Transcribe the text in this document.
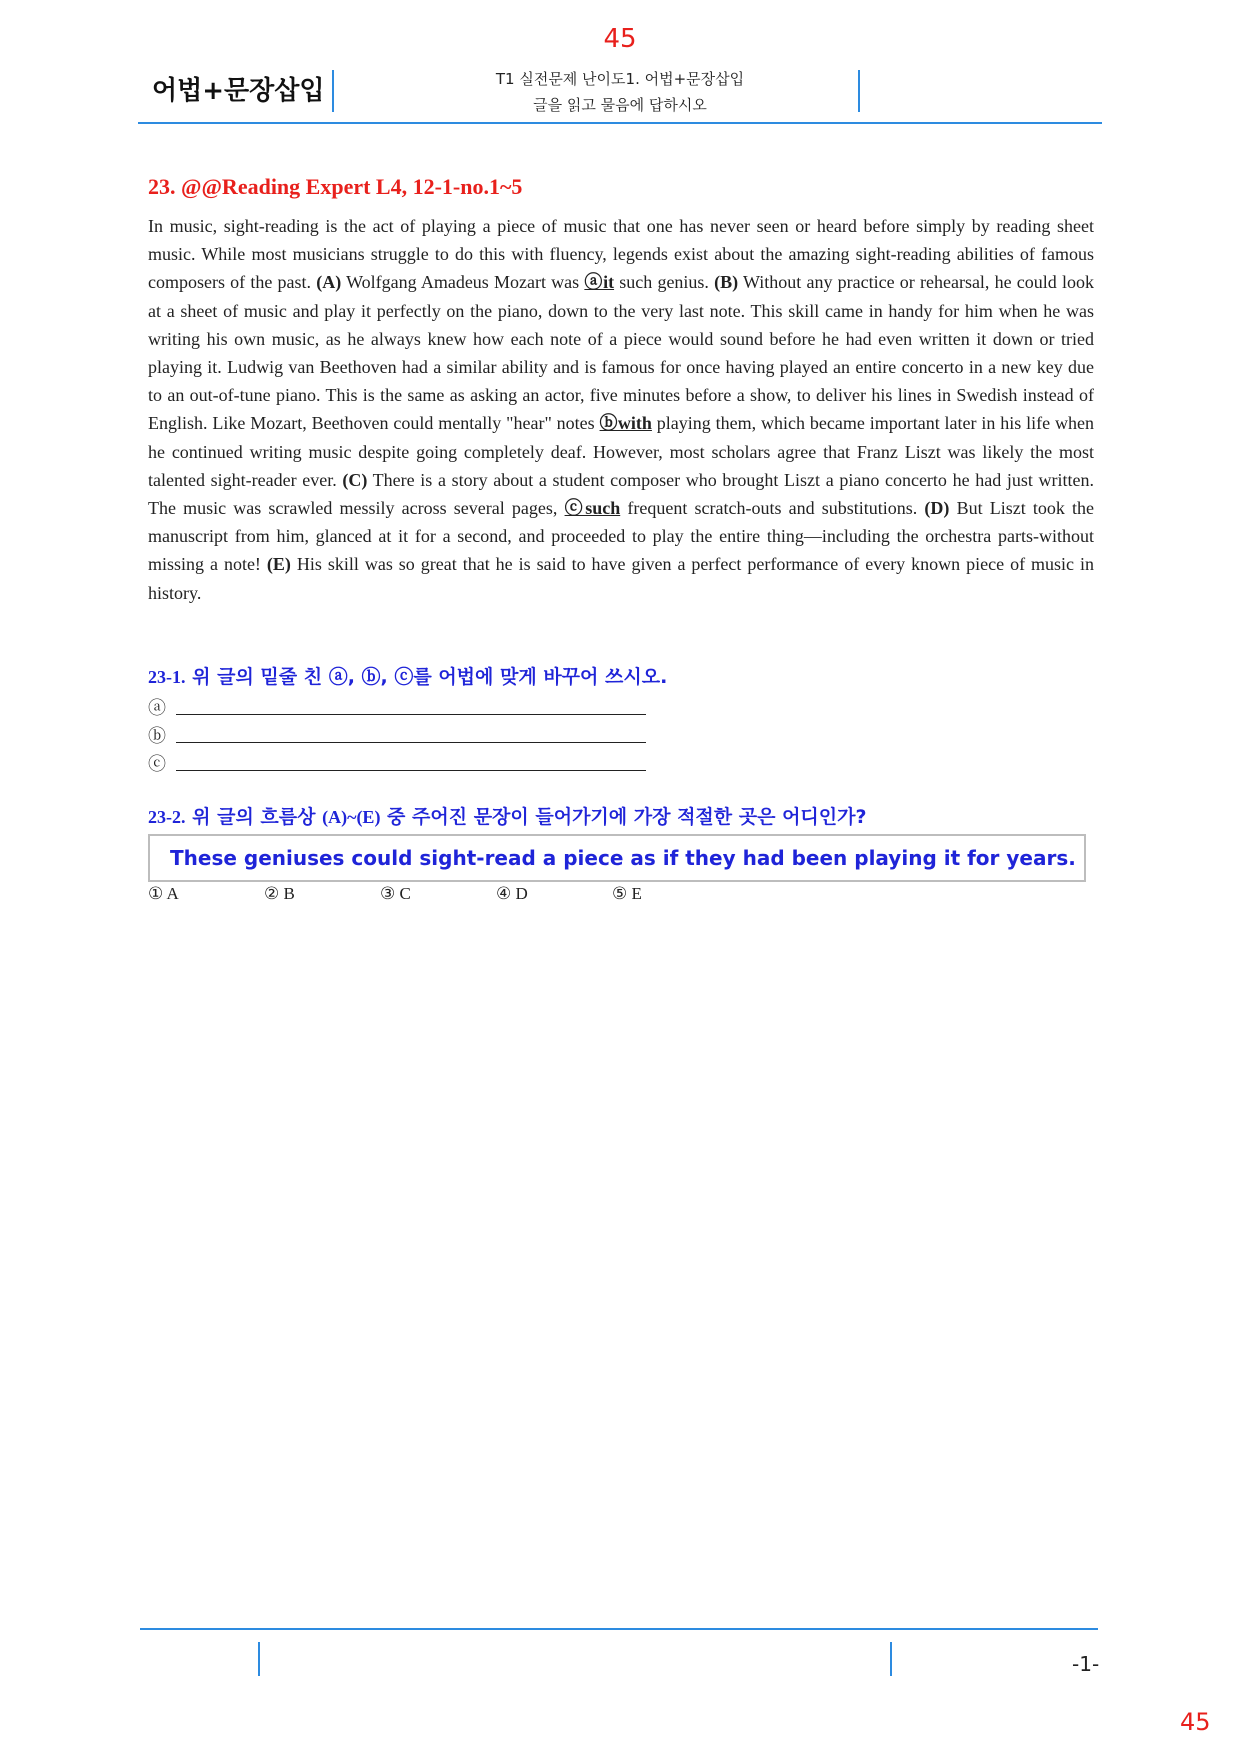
45
어법+문장삽입	T1 실전문제 난이도1. 어법+문장삽입
글을 읽고 물음에 답하시오
23. @@Reading Expert L4, 12-1-no.1~5
In music, sight-reading is the act of playing a piece of music that one has never seen or heard before simply by reading sheet music. While most musicians struggle to do this with fluency, legends exist about the amazing sight-reading abilities of famous composers of the past. (A) Wolfgang Amadeus Mozart was ⓐit such genius. (B) Without any practice or rehearsal, he could look at a sheet of music and play it perfectly on the piano, down to the very last note. This skill came in handy for him when he was writing his own music, as he always knew how each note of a piece would sound before he had even written it down or tried playing it. Ludwig van Beethoven had a similar ability and is famous for once having played an entire concerto in a new key due to an out-of-tune piano. This is the same as asking an actor, five minutes before a show, to deliver his lines in Swedish instead of English. Like Mozart, Beethoven could mentally "hear" notes ⓑwith playing them, which became important later in his life when he continued writing music despite going completely deaf. However, most scholars agree that Franz Liszt was likely the most talented sight-reader ever. (C) There is a story about a student composer who brought Liszt a piano concerto he had just written. The music was scrawled messily across several pages, ⓒsuch frequent scratch-outs and substitutions. (D) But Liszt took the manuscript from him, glanced at it for a second, and proceeded to play the entire thing—including the orchestra parts-without missing a note! (E) His skill was so great that he is said to have given a perfect performance of every known piece of music in history.
23-1. 위 글의 밑줄 친 ⓐ, ⓑ, ⓒ를 어법에 맞게 바꾸어 쓰시오.
ⓐ
ⓑ
ⓒ
23-2. 위 글의 흐름상 (A)~(E) 중 주어진 문장이 들어가기에 가장 적절한 곳은 어디인가?
These geniuses could sight-read a piece as if they had been playing it for years.
① A	② B	③ C	④ D	⑤ E
-1-
45
